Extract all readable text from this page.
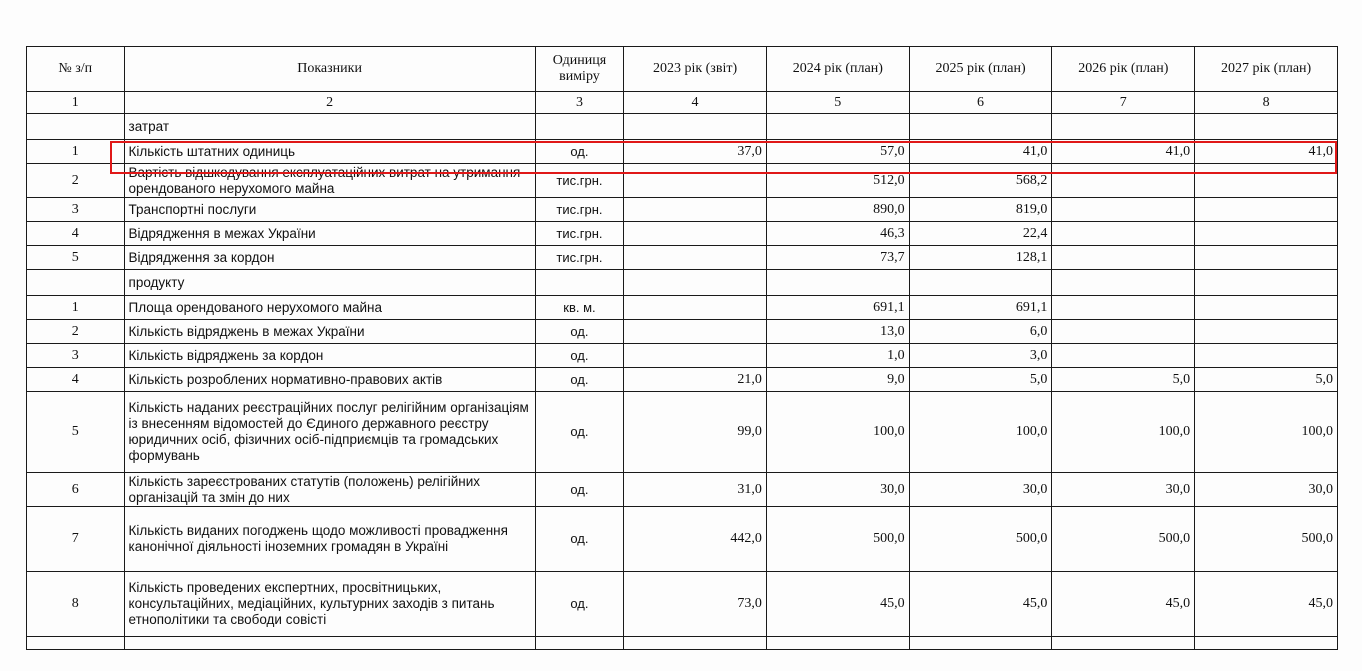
№ з/п	Показники	Одиниця виміру	2023 рік (звіт)	2024 рік (план)	2025 рік (план)	2026 рік (план)	2027 рік (план)
1	2	3	4	5	6	7	8
	затрат						
1	Кількість штатних одиниць	од.	37,0	57,0	41,0	41,0	41,0
2	Вартість відшкодування експлуатаційних витрат на утримання орендованого нерухомого майна	тис.грн.		512,0	568,2		
3	Транспортні послуги	тис.грн.		890,0	819,0		
4	Відрядження в межах України	тис.грн.		46,3	22,4		
5	Відрядження за кордон	тис.грн.		73,7	128,1		
	продукту						
1	Площа орендованого нерухомого майна	кв. м.		691,1	691,1		
2	Кількість відряджень в межах України	од.		13,0	6,0		
3	Кількість відряджень за кордон	од.		1,0	3,0		
4	Кількість розроблених нормативно-правових актів	од.	21,0	9,0	5,0	5,0	5,0
5	Кількість наданих реєстраційних послуг релігійним організаціям із внесенням відомостей до Єдиного державного реєстру юридичних осіб, фізичних осіб-підприємців та громадських формувань	од.	99,0	100,0	100,0	100,0	100,0
6	Кількість зареєстрованих статутів (положень) релігійних організацій та змін до них	од.	31,0	30,0	30,0	30,0	30,0
7	Кількість виданих погоджень щодо можливості провадження канонічної діяльності іноземних громадян в Україні	од.	442,0	500,0	500,0	500,0	500,0
8	Кількість проведених експертних, просвітницьких, консультаційних, медіаційних, культурних заходів з питань етнополітики та свободи совісті	од.	73,0	45,0	45,0	45,0	45,0
